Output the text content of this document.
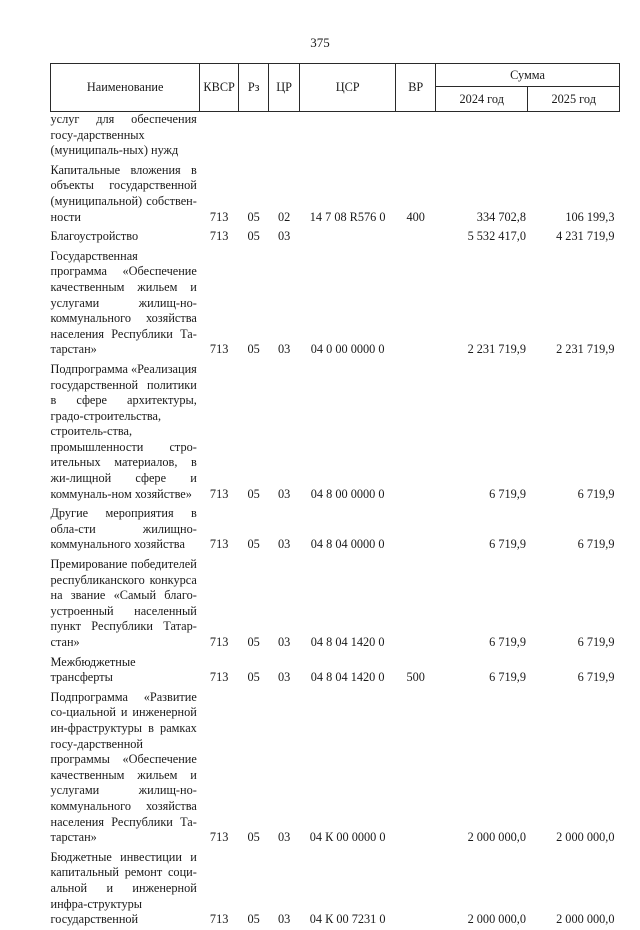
375
Наименование	КВСР	Рз	ЦР	ЦСР	ВР	Сумма	
						2024 год	2025 год
услуг для обеспечения госу-дарственных (муниципаль-ных) нужд							
Капитальные вложения в объекты государственной (муниципальной) собствен-ности	713	05	02	14 7 08 R576 0	400	334 702,8	106 199,3
Благоустройство	713	05	03			5 532 417,0	4 231 719,9
Государственная программа «Обеспечение качественным жильем и услугами жилищ-но-коммунального хозяйства населения Республики Та-тарстан»	713	05	03	04 0 00 0000 0		2 231 719,9	2 231 719,9
Подпрограмма «Реализация государственной политики в сфере архитектуры, градо-строительства, строитель-ства, промышленности стро-ительных материалов, в жи-лищной сфере и коммуналь-ном хозяйстве»	713	05	03	04 8 00 0000 0		6 719,9	6 719,9
Другие мероприятия в обла-сти жилищно-коммунального хозяйства	713	05	03	04 8 04 0000 0		6 719,9	6 719,9
Премирование победителей республиканского конкурса на звание «Самый благо-устроенный населенный пункт Республики Татар-стан»	713	05	03	04 8 04 1420 0		6 719,9	6 719,9
Межбюджетные трансферты	713	05	03	04 8 04 1420 0	500	6 719,9	6 719,9
Подпрограмма «Развитие со-циальной и инженерной ин-фраструктуры в рамках госу-дарственной программы «Обеспечение качественным жильем и услугами жилищ-но-коммунального хозяйства населения Республики Та-тарстан»	713	05	03	04 К 00 0000 0		2 000 000,0	2 000 000,0
Бюджетные инвестиции и капитальный ремонт соци-альной и инженерной инфра-структуры государственной	713	05	03	04 К 00 7231 0		2 000 000,0	2 000 000,0
